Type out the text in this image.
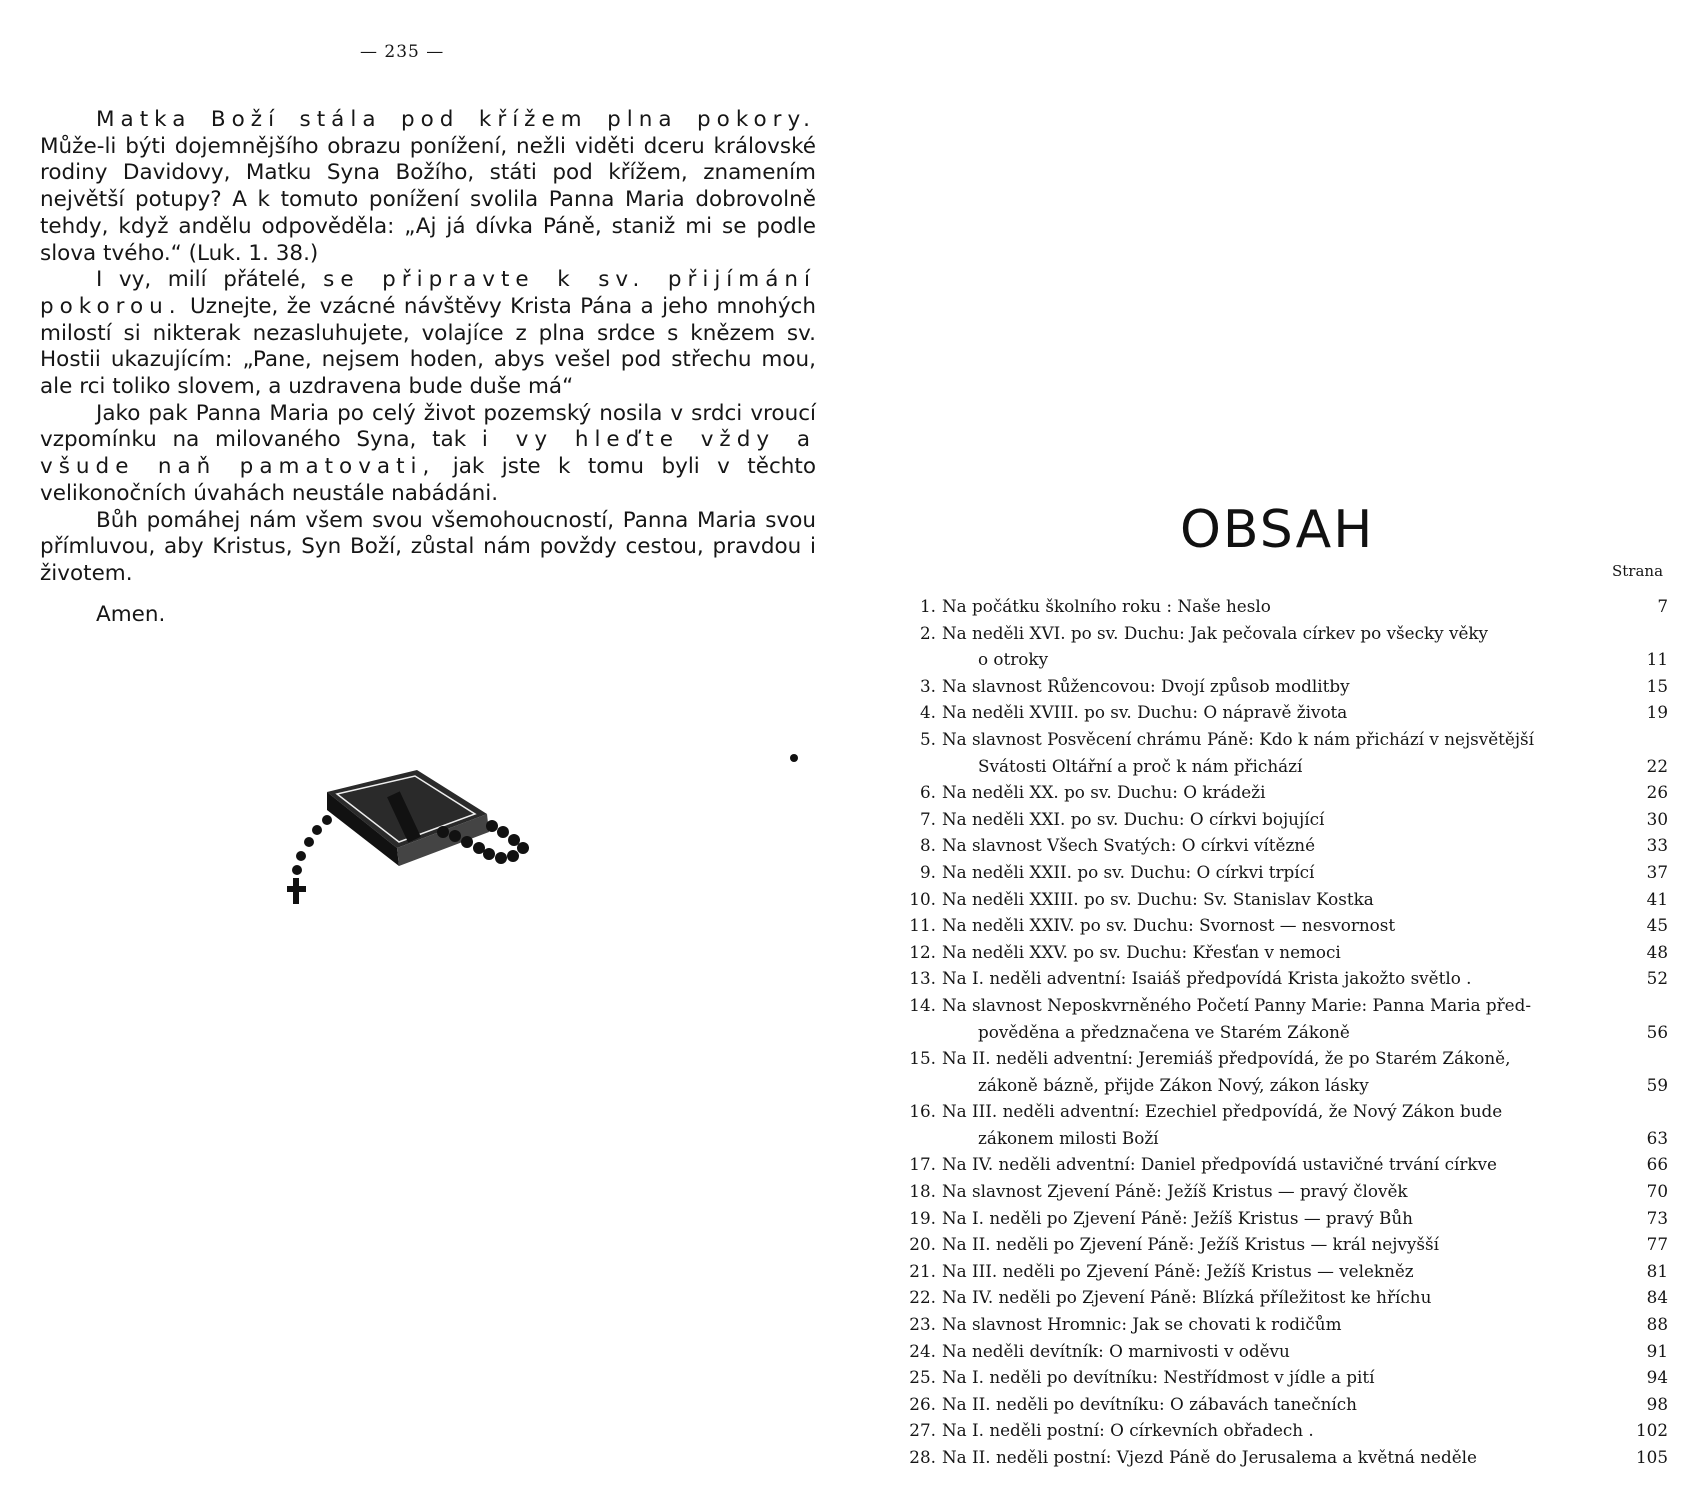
— 235 —

Matka Boží stála pod křížem plna pokory. Může-li býti dojemnějšího obrazu ponížení, nežli viděti dceru královské rodiny Davidovy, Matku Syna Božího, státi pod křížem, znamením největší potupy? A k tomuto ponížení svolila Panna Maria dobrovolně tehdy, když andělu odpověděla: „Aj já dívka Páně, staniž mi se podle slova tvého.“ (Luk. 1. 38.)

I vy, milí přátelé, se připravte k sv. přijímání pokorou. Uznejte, že vzácné návštěvy Krista Pána a jeho mnohých milostí si nikterak nezasluhujete, volajíce z plna srdce s knězem sv. Hostii ukazujícím: „Pane, nejsem hoden, abys vešel pod střechu mou, ale rci toliko slovem, a uzdravena bude duše má“

Jako pak Panna Maria po celý život pozemský nosila v srdci vroucí vzpomínku na milovaného Syna, tak i vy hleďte vždy a všude naň pamatovati, jak jste k tomu byli v těchto velikonočních úvahách neustále nabádáni.

Bůh pomáhej nám všem svou všemohoucností, Panna Maria svou přímluvou, aby Kristus, Syn Boží, zůstal nám povždy cestou, pravdou i životem.

Amen.

OBSAH
Strana
1. Na počátku školního roku : Naše heslo	7
2. Na neděli XVI. po sv. Duchu: Jak pečovala církev po všecky věky
o otroky	11
3. Na slavnost Růžencovou: Dvojí způsob modlitby	15
4. Na neděli XVIII. po sv. Duchu: O nápravě života	19
5. Na slavnost Posvěcení chrámu Páně: Kdo k nám přichází v nejsvětější
Svátosti Oltářní a proč k nám přichází	22
6. Na neděli XX. po sv. Duchu: O krádeži	26
7. Na neděli XXI. po sv. Duchu: O církvi bojující	30
8. Na slavnost Všech Svatých: O církvi vítězné	33
9. Na neděli XXII. po sv. Duchu: O církvi trpící	37
10. Na neděli XXIII. po sv. Duchu: Sv. Stanislav Kostka	41
11. Na neděli XXIV. po sv. Duchu: Svornost — nesvornost	45
12. Na neděli XXV. po sv. Duchu: Křesťan v nemoci	48
13. Na I. neděli adventní: Isaiáš předpovídá Krista jakožto světlo .	52
14. Na slavnost Neposkvrněného Početí Panny Marie: Panna Maria před-
pověděna a předznačena ve Starém Zákoně	56
15. Na II. neděli adventní: Jeremiáš předpovídá, že po Starém Zákoně,
zákoně bázně, přijde Zákon Nový, zákon lásky	59
16. Na III. neděli adventní: Ezechiel předpovídá, že Nový Zákon bude
zákonem milosti Boží	63
17. Na IV. neděli adventní: Daniel předpovídá ustavičné trvání církve	66
18. Na slavnost Zjevení Páně: Ježíš Kristus — pravý člověk	70
19. Na I. neděli po Zjevení Páně: Ježíš Kristus — pravý Bůh	73
20. Na II. neděli po Zjevení Páně: Ježíš Kristus — král nejvyšší	77
21. Na III. neděli po Zjevení Páně: Ježíš Kristus — velekněz	81
22. Na IV. neděli po Zjevení Páně: Blízká příležitost ke hříchu	84
23. Na slavnost Hromnic: Jak se chovati k rodičům	88
24. Na neděli devítník: O marnivosti v oděvu	91
25. Na I. neděli po devítníku: Nestřídmost v jídle a pití	94
26. Na II. neděli po devítníku: O zábavách tanečních	98
27. Na I. neděli postní: O církevních obřadech .	102
28. Na II. neděli postní: Vjezd Páně do Jerusalema a květná neděle	105
